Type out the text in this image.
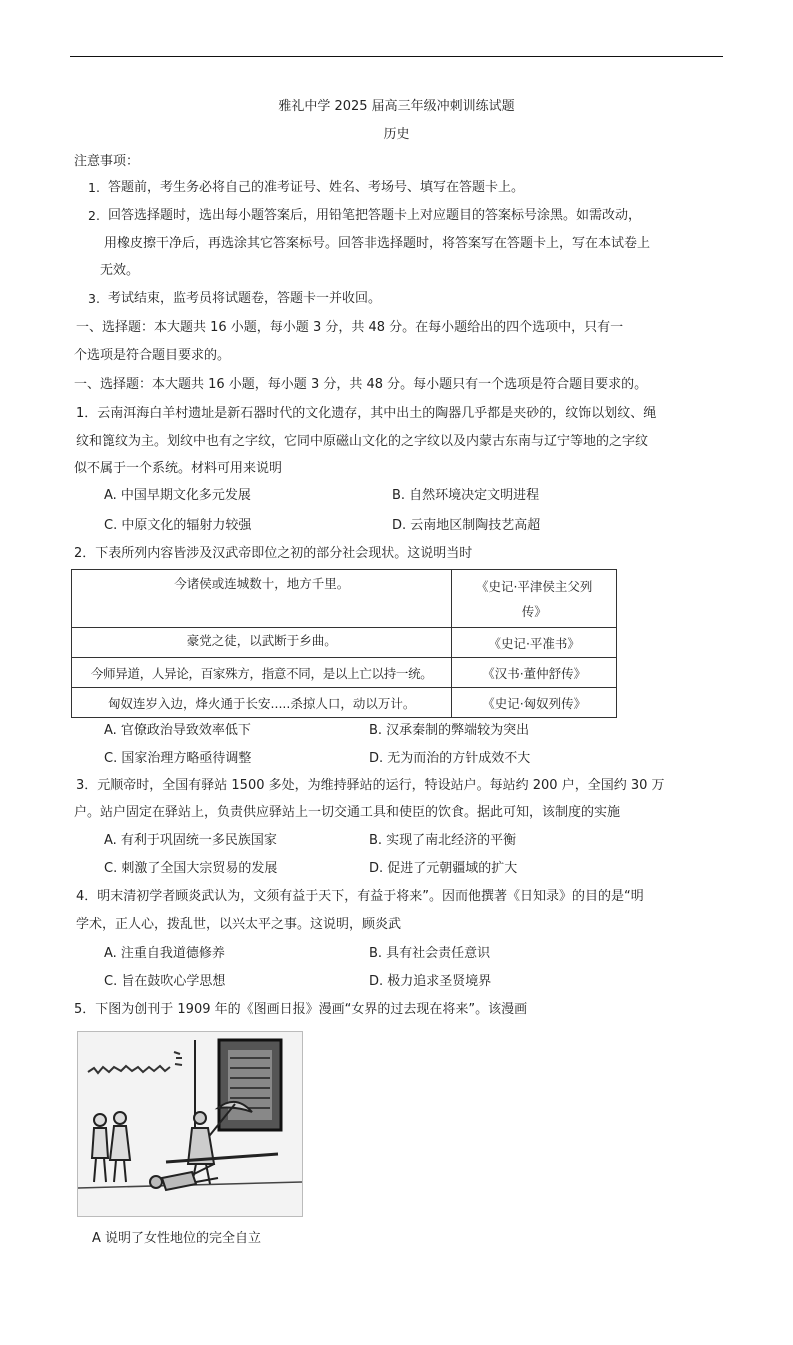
雅礼中学 2025 届高三年级冲刺训练试题
历史
注意事项：
1. 答题前，考生务必将自己的准考证号、姓名、考场号、填写在答题卡上。
2. 回答选择题时，选出每小题答案后，用铅笔把答题卡上对应题目的答案标号涂黑。如需改动，
用橡皮擦干净后，再选涂其它答案标号。回答非选择题时，将答案写在答题卡上，写在本试卷上
无效。
3. 考试结束，监考员将试题卷，答题卡一并收回。
一、选择题：本大题共 16 小题，每小题 3 分，共 48 分。在每小题给出的四个选项中，只有一
个选项是符合题目要求的。
一、选择题：本大题共 16 小题，每小题 3 分，共 48 分。每小题只有一个选项是符合题目要求的。
1．云南洱海白羊村遗址是新石器时代的文化遗存，其中出土的陶器几乎都是夹砂的，纹饰以划纹、绳
纹和篦纹为主。划纹中也有之字纹，它同中原磁山文化的之字纹以及内蒙古东南与辽宁等地的之字纹
似不属于一个系统。材料可用来说明
A. 中国早期文化多元发展	B. 自然环境决定文明进程
C. 中原文化的辐射力较强	D. 云南地区制陶技艺高超
2．下表所列内容皆涉及汉武帝即位之初的部分社会现状。这说明当时
今诸侯或连城数十，地方千里。	《史记·平津侯主父列
传》

豪党之徒，以武断于乡曲。	《史记·平准书》
今师异道，人异论，百家殊方，指意不同，是以上亡以持一统。	《汉书·董仲舒传》
匈奴连岁入边，烽火通于长安.....杀掠人口，动以万计。	《史记·匈奴列传》
A. 官僚政治导致效率低下	B. 汉承秦制的弊端较为突出
C. 国家治理方略亟待调整	D. 无为而治的方针成效不大
3．元顺帝时，全国有驿站 1500 多处，为维持驿站的运行，特设站户。每站约 200 户，全国约 30 万
户。站户固定在驿站上，负责供应驿站上一切交通工具和使臣的饮食。据此可知，该制度的实施
A. 有利于巩固统一多民族国家	B. 实现了南北经济的平衡
C. 刺激了全国大宗贸易的发展	D. 促进了元朝疆域的扩大
4．明末清初学者顾炎武认为，文须有益于天下，有益于将来”。因而他撰著《日知录》的目的是“明
学术，正人心，拨乱世，以兴太平之事。这说明，顾炎武
A. 注重自我道德修养	B. 具有社会责任意识
C. 旨在鼓吹心学思想	D. 极力追求圣贤境界
5．下图为创刊于 1909 年的《图画日报》漫画“女界的过去现在将来”。该漫画
A 说明了女性地位的完全自立
